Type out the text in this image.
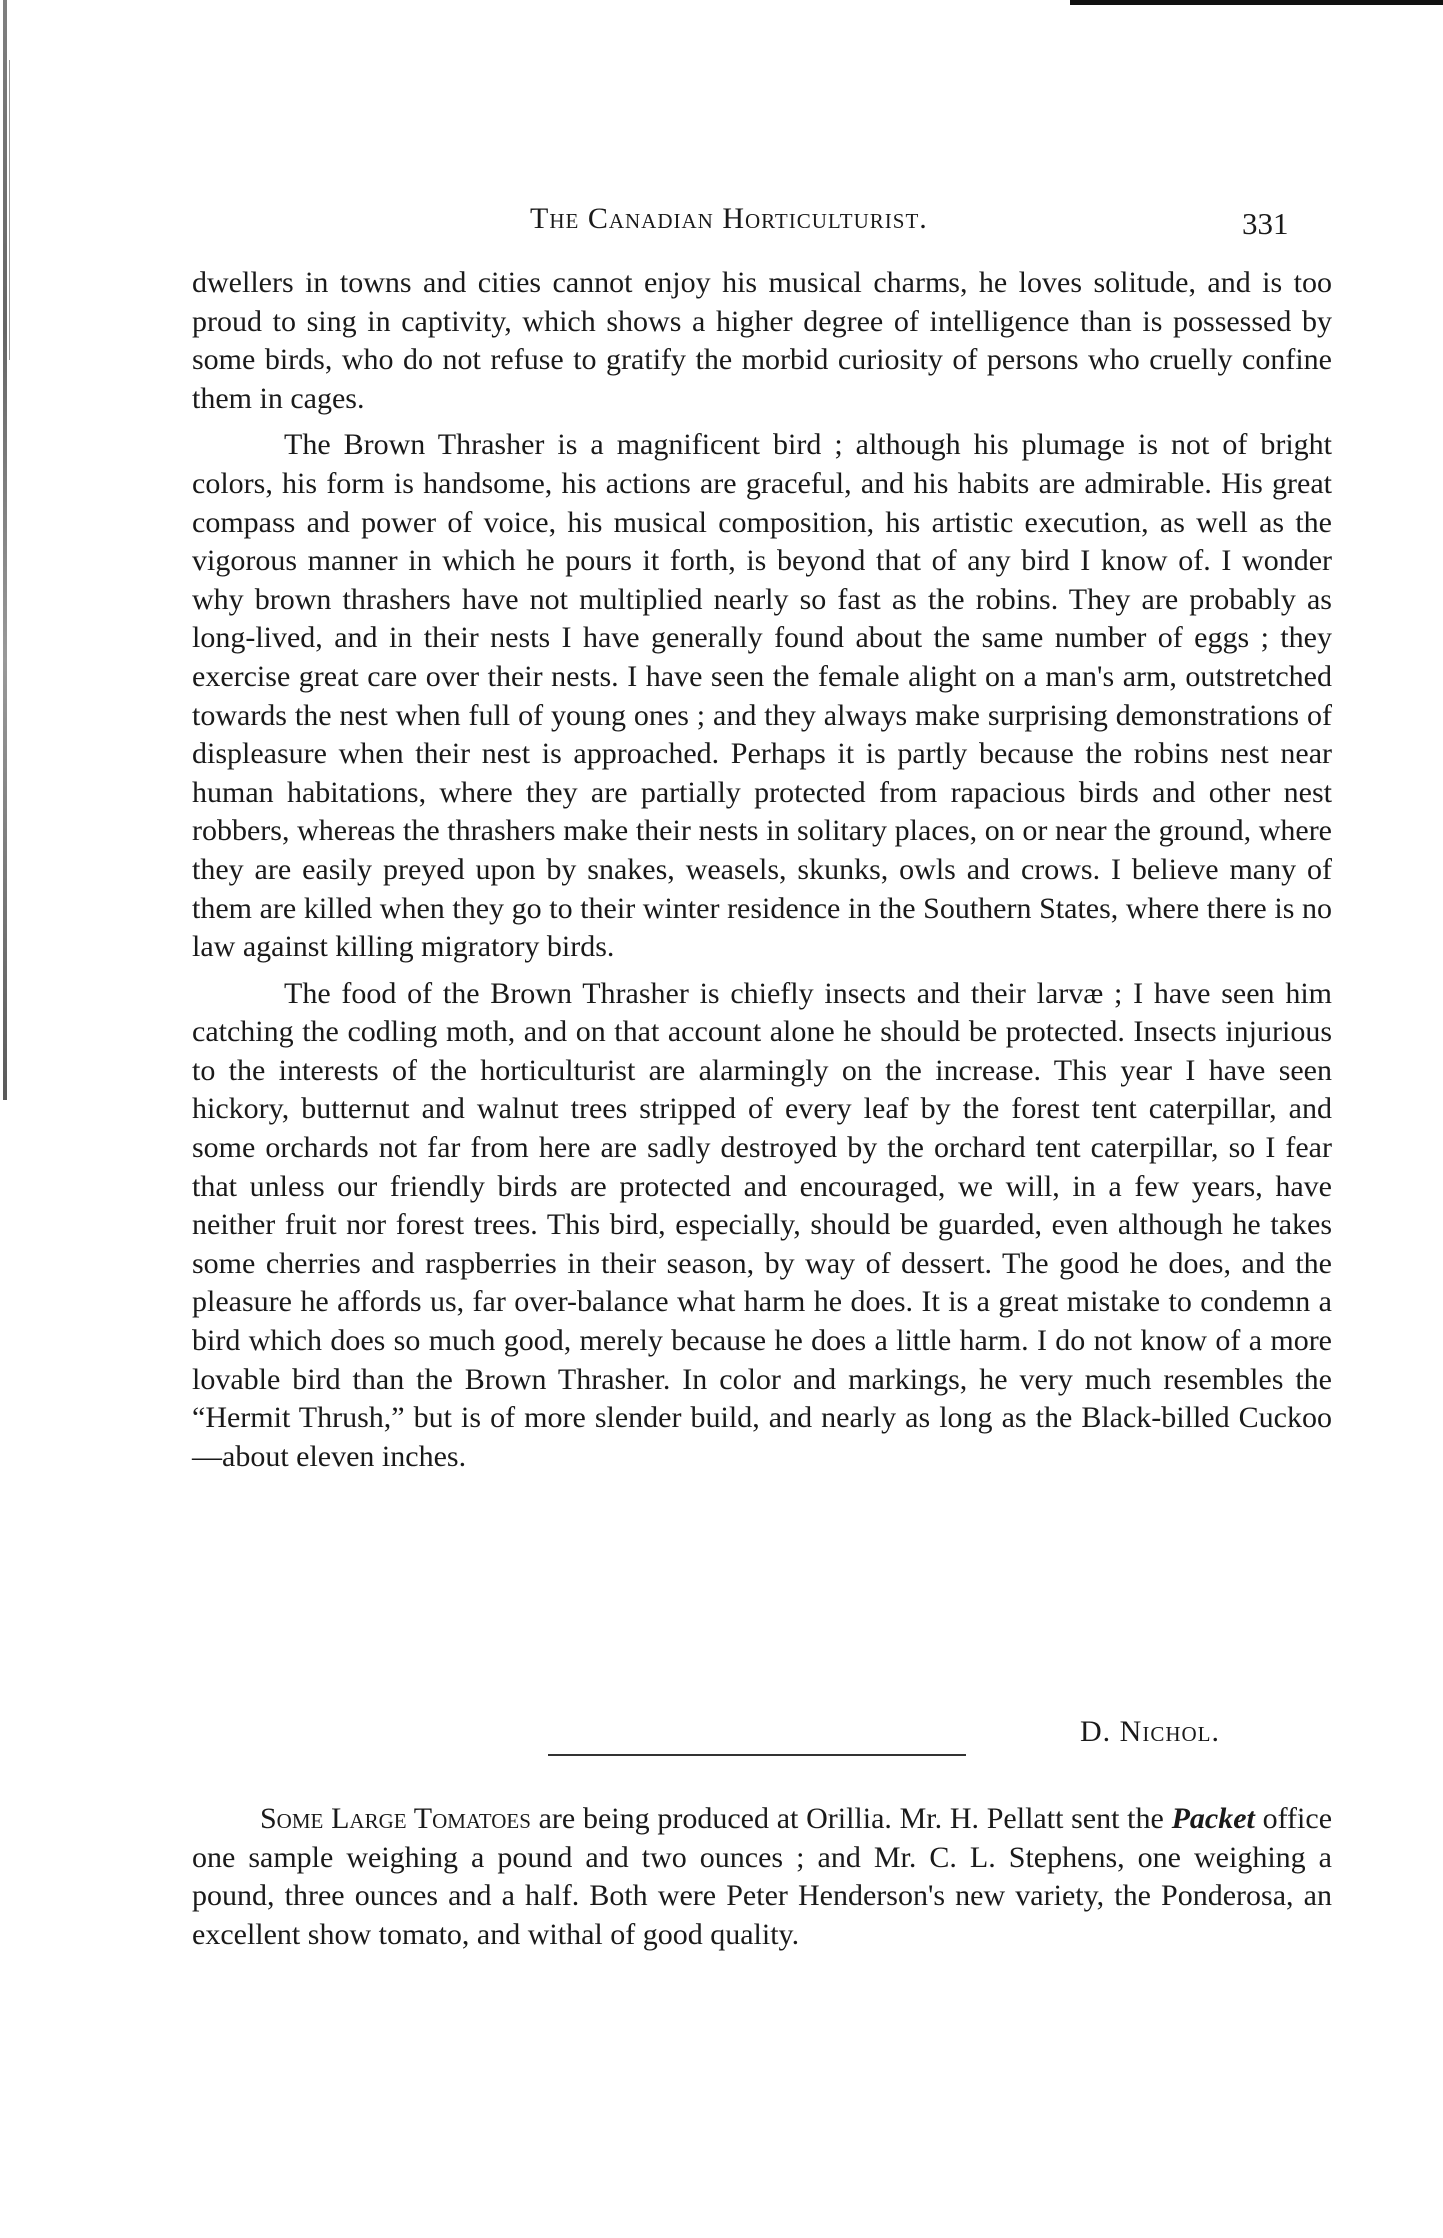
The Canadian Horticulturist.	331

dwellers in towns and cities cannot enjoy his musical charms, he loves solitude, and is too proud to sing in captivity, which shows a higher degree of intelligence than is possessed by some birds, who do not refuse to gratify the morbid curiosity of persons who cruelly confine them in cages.

The Brown Thrasher is a magnificent bird ; although his plumage is not of bright colors, his form is handsome, his actions are graceful, and his habits are admirable. His great compass and power of voice, his musical composition, his artistic execution, as well as the vigorous manner in which he pours it forth, is beyond that of any bird I know of. I wonder why brown thrashers have not multiplied nearly so fast as the robins. They are probably as long-lived, and in their nests I have generally found about the same number of eggs ; they exercise great care over their nests. I have seen the female alight on a man's arm, outstretched towards the nest when full of young ones ; and they always make surprising demonstrations of displeasure when their nest is approached. Perhaps it is partly because the robins nest near human habitations, where they are partially protected from rapacious birds and other nest robbers, whereas the thrashers make their nests in solitary places, on or near the ground, where they are easily preyed upon by snakes, weasels, skunks, owls and crows. I believe many of them are killed when they go to their winter residence in the Southern States, where there is no law against killing migratory birds.

The food of the Brown Thrasher is chiefly insects and their larvæ ; I have seen him catching the codling moth, and on that account alone he should be protected. Insects injurious to the interests of the horticulturist are alarmingly on the increase. This year I have seen hickory, butternut and walnut trees stripped of every leaf by the forest tent caterpillar, and some orchards not far from here are sadly destroyed by the orchard tent caterpillar, so I fear that unless our friendly birds are protected and encouraged, we will, in a few years, have neither fruit nor forest trees. This bird, especially, should be guarded, even although he takes some cherries and raspberries in their season, by way of dessert. The good he does, and the pleasure he affords us, far over-balance what harm he does. It is a great mistake to condemn a bird which does so much good, merely because he does a little harm. I do not know of a more lovable bird than the Brown Thrasher. In color and markings, he very much resembles the “Hermit Thrush,” but is of more slender build, and nearly as long as the Black-billed Cuckoo—about eleven inches.

D. Nichol.

Some Large Tomatoes are being produced at Orillia. Mr. H. Pellatt sent the Packet office one sample weighing a pound and two ounces ; and Mr. C. L. Stephens, one weighing a pound, three ounces and a half. Both were Peter Henderson's new variety, the Ponderosa, an excellent show tomato, and withal of good quality.
